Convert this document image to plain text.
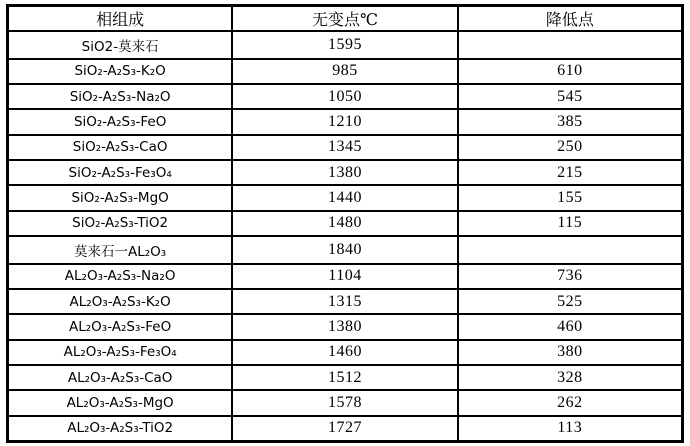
相组成	无变点℃	降低点
SiO2-莫来石	1595	
SiO₂-A₂S₃-K₂O	985	610
SiO₂-A₂S₃-Na₂O	1050	545
SiO₂-A₂S₃-FeO	1210	385
SiO₂-A₂S₃-CaO	1345	250
SiO₂-A₂S₃-Fe₃O₄	1380	215
SiO₂-A₂S₃-MgO	1440	155
SiO₂-A₂S₃-TiO2	1480	115
莫来石一AL₂O₃	1840	
AL₂O₃-A₂S₃-Na₂O	1104	736
AL₂O₃-A₂S₃-K₂O	1315	525
AL₂O₃-A₂S₃-FeO	1380	460
AL₂O₃-A₂S₃-Fe₃O₄	1460	380
AL₂O₃-A₂S₃-CaO	1512	328
AL₂O₃-A₂S₃-MgO	1578	262
AL₂O₃-A₂S₃-TiO2	1727	113
